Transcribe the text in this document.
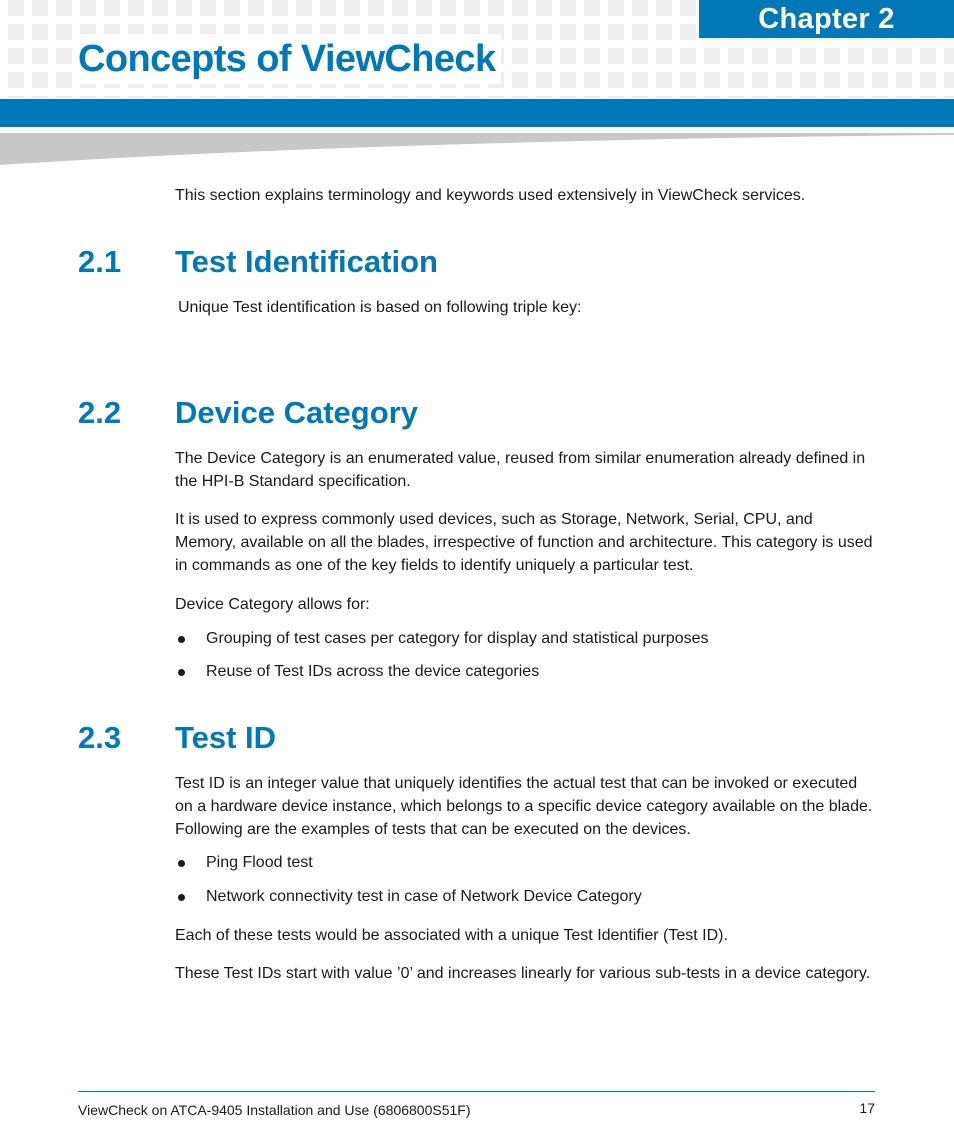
Chapter 2
Concepts of ViewCheck

This section explains terminology and keywords used extensively in ViewCheck services.

2.1 Test Identification

Unique Test identification is based on following triple key:

2.2 Device Category

The Device Category is an enumerated value, reused from similar enumeration already defined in the HPI-B Standard specification.

It is used to express commonly used devices, such as Storage, Network, Serial, CPU, and Memory, available on all the blades, irrespective of function and architecture. This category is used in commands as one of the key fields to identify uniquely a particular test.

Device Category allows for:

Grouping of test cases per category for display and statistical purposes
Reuse of Test IDs across the device categories
2.3 Test ID

Test ID is an integer value that uniquely identifies the actual test that can be invoked or executed on a hardware device instance, which belongs to a specific device category available on the blade. Following are the examples of tests that can be executed on the devices.

Ping Flood test
Network connectivity test in case of Network Device Category

Each of these tests would be associated with a unique Test Identifier (Test ID).

These Test IDs start with value ’0’ and increases linearly for various sub-tests in a device category.

ViewCheck on ATCA-9405 Installation and Use (6806800S51F)	17
